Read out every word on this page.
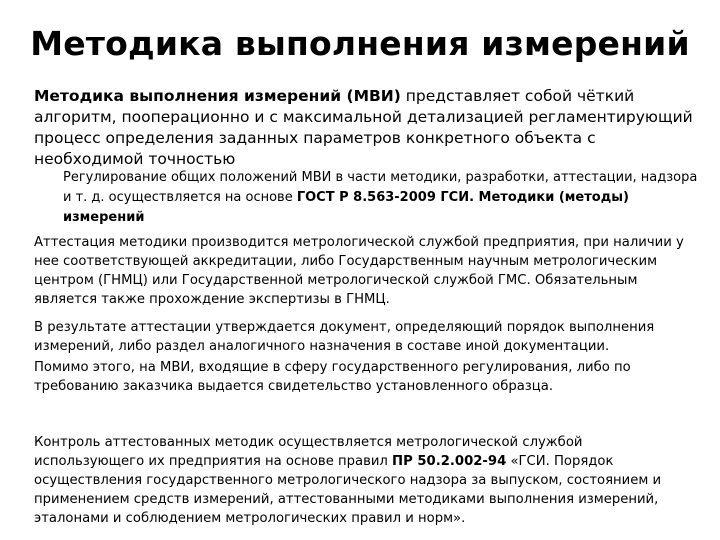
Методика выполнения измерений

Методика выполнения измерений (МВИ) представляет собой чёткий алгоритм, пооперационно и с максимальной детализацией регламентирующий процесс определения заданных параметров конкретного объекта с необходимой точностью

Регулирование общих положений МВИ в части методики, разработки, аттестации, надзора и т. д. осуществляется на основе ГОСТ Р 8.563-2009 ГСИ. Методики (методы) измерений

Аттестация методики производится метрологической службой предприятия, при наличии у нее соответствующей аккредитации, либо Государственным научным метрологическим центром (ГНМЦ) или Государственной метрологической службой ГМС. Обязательным является также прохождение экспертизы в ГНМЦ.

В результате аттестации утверждается документ, определяющий порядок выполнения измерений, либо раздел аналогичного назначения в составе иной документации.

Помимо этого, на МВИ, входящие в сферу государственного регулирования, либо по требованию заказчика выдается свидетельство установленного образца.

Контроль аттестованных методик осуществляется метрологической службой использующего их предприятия на основе правил ПР 50.2.002-94 «ГСИ. Порядок осуществления государственного метрологического надзора за выпуском, состоянием и применением средств измерений, аттестованными методиками выполнения измерений, эталонами и соблюдением метрологических правил и норм».
